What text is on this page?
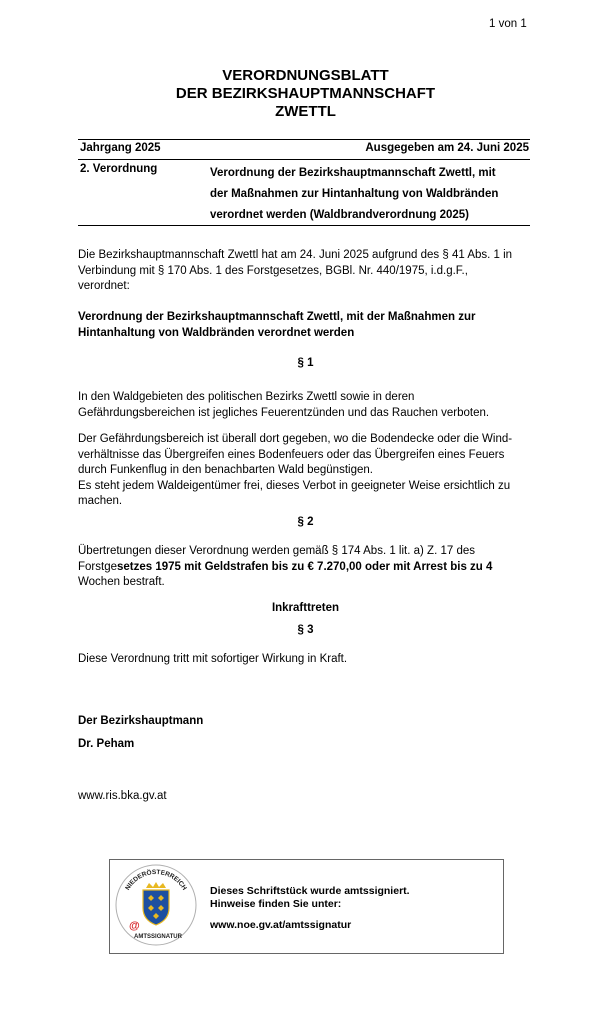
1 von 1
VERORDNUNGSBLATT
DER BEZIRKSHAUPTMANNSCHAFT
ZWETTL
Jahrgang 2025	Ausgegeben am 24. Juni 2025
2. Verordnung	Verordnung der Bezirkshauptmannschaft Zwettl, mit
der Maßnahmen zur Hintanhaltung von Waldbränden
verordnet werden (Waldbrandverordnung 2025)
Die Bezirkshauptmannschaft Zwettl hat am 24. Juni 2025 aufgrund des § 41 Abs. 1 in
Verbindung mit § 170 Abs. 1 des Forstgesetzes, BGBl. Nr. 440/1975, i.d.g.F.,
verordnet:
Verordnung der Bezirkshauptmannschaft Zwettl, mit der Maßnahmen zur
Hintanhaltung von Waldbränden verordnet werden
§ 1
In den Waldgebieten des politischen Bezirks Zwettl sowie in deren
Gefährdungsbereichen ist jegliches Feuerentzünden und das Rauchen verboten.
Der Gefährdungsbereich ist überall dort gegeben, wo die Bodendecke oder die Wind-
verhältnisse das Übergreifen eines Bodenfeuers oder das Übergreifen eines Feuers
durch Funkenflug in den benachbarten Wald begünstigen.
Es steht jedem Waldeigentümer frei, dieses Verbot in geeigneter Weise ersichtlich zu
machen.
§ 2
Übertretungen dieser Verordnung werden gemäß § 174 Abs. 1 lit. a) Z. 17 des
Forstgesetzes 1975 mit Geldstrafen bis zu € 7.270,00 oder mit Arrest bis zu 4
Wochen bestraft.
Inkrafttreten
§ 3
Diese Verordnung tritt mit sofortiger Wirkung in Kraft.
Der Bezirkshauptmann
Dr. Peham
www.ris.bka.gv.at
NIEDERÖSTERREICH
@
AMTSSIGNATUR
Dieses Schriftstück wurde amtssigniert.
Hinweise finden Sie unter:
www.noe.gv.at/amtssignatur
